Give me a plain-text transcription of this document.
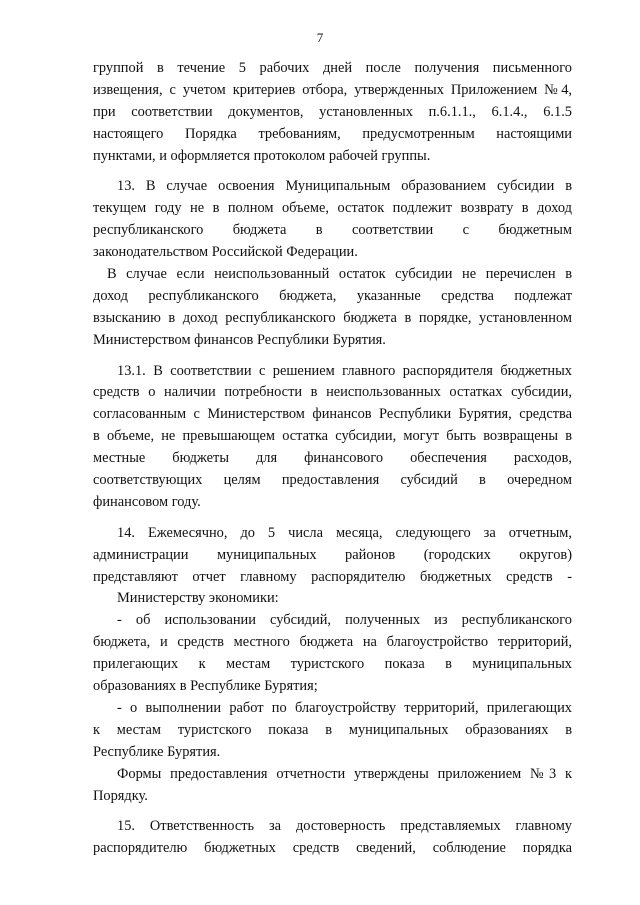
7
группой в течение 5 рабочих дней после получения письменного
извещения, с учетом критериев отбора, утвержденных Приложением №4,
при соответствии документов, установленных п.6.1.1., 6.1.4., 6.1.5
настоящего Порядка требованиям, предусмотренным настоящими
пунктами, и оформляется протоколом рабочей группы.
13. В случае освоения Муниципальным образованием субсидии в
текущем году не в полном объеме, остаток подлежит возврату в доход
республиканского бюджета в соответствии с бюджетным
законодательством Российской Федерации.
В случае если неиспользованный остаток субсидии не перечислен в
доход республиканского бюджета, указанные средства подлежат
взысканию в доход республиканского бюджета в порядке, установленном
Министерством финансов Республики Бурятия.
13.1. В соответствии с решением главного распорядителя бюджетных
средств о наличии потребности в неиспользованных остатках субсидии,
согласованным с Министерством финансов Республики Бурятия, средства
в объеме, не превышающем остатка субсидии, могут быть возвращены в
местные бюджеты для финансового обеспечения расходов,
соответствующих целям предоставления субсидий в очередном
финансовом году.
14. Ежемесячно, до 5 числа месяца, следующего за отчетным,
администрации муниципальных районов (городских округов)
представляют отчет главному распорядителю бюджетных средств -
Министерству экономики:
- об использовании субсидий, полученных из республиканского
бюджета, и средств местного бюджета на благоустройство территорий,
прилегающих к местам туристского показа в муниципальных
образованиях в Республике Бурятия;
- о выполнении работ по благоустройству территорий, прилегающих
к местам туристского показа в муниципальных образованиях в
Республике Бурятия.
Формы предоставления отчетности утверждены приложением №3 к
Порядку.
15. Ответственность за достоверность представляемых главному
распорядителю бюджетных средств сведений, соблюдение порядка
